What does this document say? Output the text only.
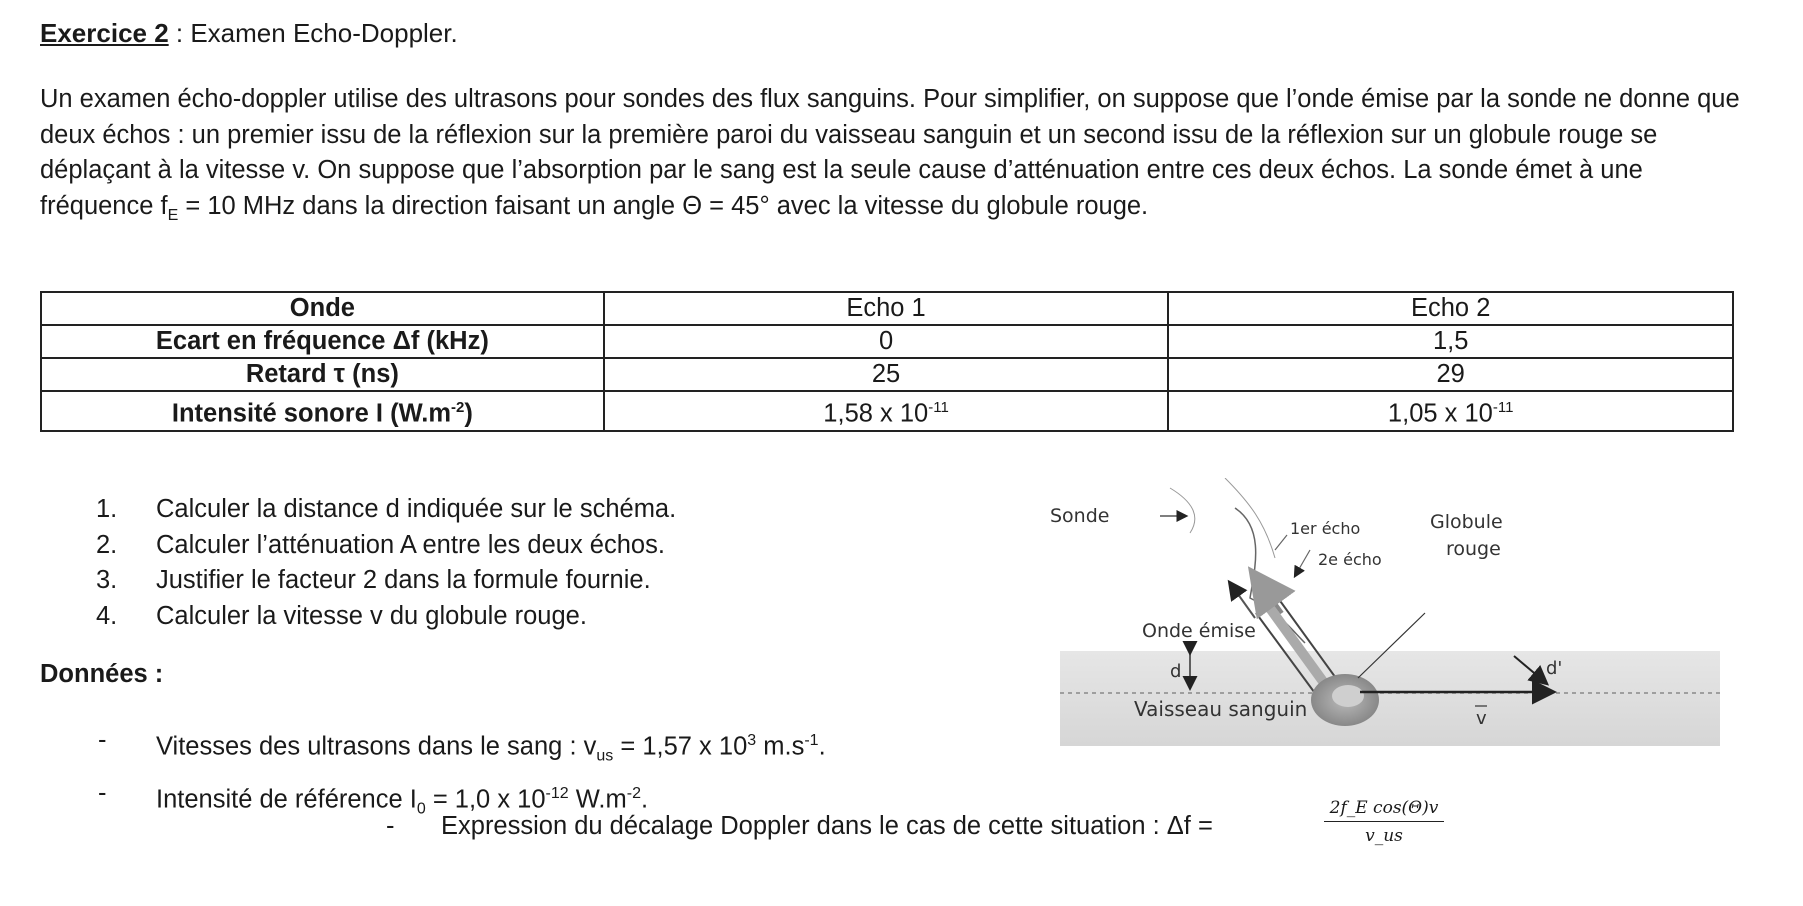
Exercice 2 : Examen Echo-Doppler.
Un examen écho-doppler utilise des ultrasons pour sondes des flux sanguins. Pour simplifier, on suppose que l’onde émise par la sonde ne donne que deux échos : un premier issu de la réflexion sur la première paroi du vaisseau sanguin et un second issu de la réflexion sur un globule rouge se déplaçant à la vitesse v. On suppose que l’absorption par le sang est la seule cause d’atténuation entre ces deux échos. La sonde émet à une fréquence $f_E = 10$ MHz dans la direction faisant un angle Θ = 45° avec la vitesse du globule rouge.
Onde	Echo 1	Echo 2
Ecart en fréquence Δf (kHz)	0	1,5
Retard τ (ns)	25	29
Intensité sonore I $(W.m^{-2})$	1,58 x $10^{-11}$	1,05 x $10^{-11}$
1. Calculer la distance d indiquée sur le schéma.
2. Calculer l’atténuation A entre les deux échos.
3. Justifier le facteur 2 dans la formule fournie.
4. Calculer la vitesse v du globule rouge.
Données :
- Vitesses des ultrasons dans le sang : $v_{us} = 1,57$ x $10^3$ $m.s^{-1}$.
- Intensité de référence $I_0 = 1,0$ x $10^{-12}$ $W.m^{-2}$.
- Expression du décalage Doppler dans le cas de cette situation : Δf =	$\frac{\text{2f\_E cos(Θ)v}}{v\_us}$
Sonde
1er écho
2e écho
Globule
rouge
Onde émise
d	d'
Vaisseau sanguin	v
